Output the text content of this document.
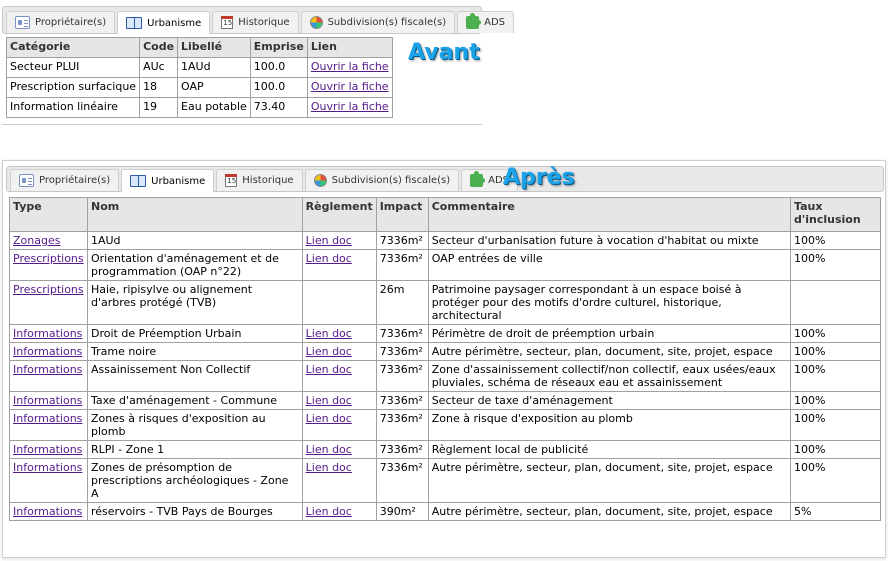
Propriétaire(s)	Urbanisme 15	Historique	Subdivision(s) fiscale(s)	ADS
Catégorie	Code	Libellé	Emprise	Lien
Secteur PLUI	AUc	1AUd	100.0	Ouvrir la fiche
Prescription surfacique	18	OAP	100.0	Ouvrir la fiche
Information linéaire	19	Eau potable	73.40	Ouvrir la fiche
Avant
Propriétaire(s)	Urbanisme 15	Historique	Subdivision(s) fiscale(s)	ADS
Après
Type	Nom	Règlement	Impact	Commentaire	Taux d'inclusion
Zonages	1AUd	Lien doc	7336m²	Secteur d'urbanisation future à vocation d'habitat ou mixte	100%
Prescriptions	Orientation d'aménagement et de programmation (OAP n°22)	Lien doc	7336m²	OAP entrées de ville	100%
Prescriptions	Haie, ripisylve ou alignement d'arbres protégé (TVB)		26m	Patrimoine paysager correspondant à un espace boisé à protéger pour des motifs d'ordre culturel, historique, architectural	
Informations	Droit de Préemption Urbain	Lien doc	7336m²	Périmètre de droit de préemption urbain	100%
Informations	Trame noire	Lien doc	7336m²	Autre périmètre, secteur, plan, document, site, projet, espace	100%
Informations	Assainissement Non Collectif	Lien doc	7336m²	Zone d'assainissement collectif/non collectif, eaux usées/eaux pluviales, schéma de réseaux eau et assainissement	100%
Informations	Taxe d'aménagement - Commune	Lien doc	7336m²	Secteur de taxe d'aménagement	100%
Informations	Zones à risques d'exposition au plomb	Lien doc	7336m²	Zone à risque d'exposition au plomb	100%
Informations	RLPI - Zone 1	Lien doc	7336m²	Règlement local de publicité	100%
Informations	Zones de présomption de prescriptions archéologiques - Zone A	Lien doc	7336m²	Autre périmètre, secteur, plan, document, site, projet, espace	100%
Informations	réservoirs - TVB Pays de Bourges	Lien doc	390m²	Autre périmètre, secteur, plan, document, site, projet, espace	5%
